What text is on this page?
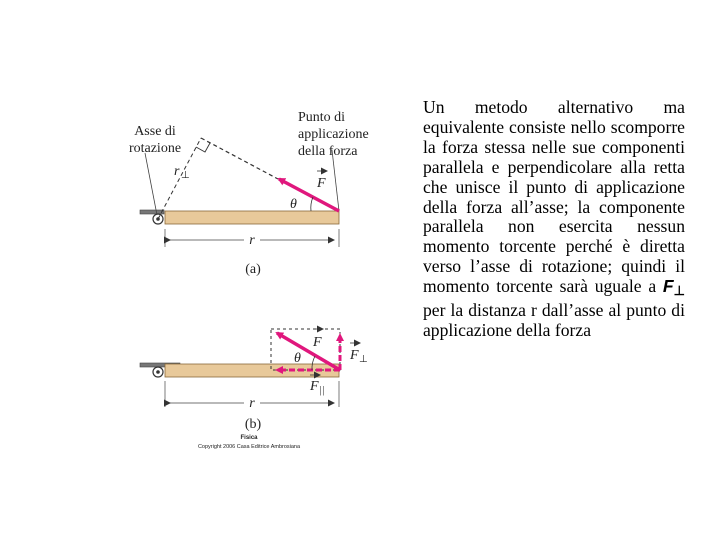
Asse di
rotazione
Punto di
applicazione
della forza
r ⊥
F
θ
r
(a)
F
θ	F ⊥
F ||
r
(b)
Fisica
Copyright 2006 Casa Editrice Ambrosiana
Un metodo alternativo ma equivalente consiste nello scomporre la forza stessa nelle sue componenti parallela e perpendicolare alla retta che unisce il punto di applicazione della forza all’asse; la componente parallela non esercita nessun momento torcente perché è diretta verso l’asse di rotazione; quindi il momento torcente sarà uguale a F⊥ per la distanza r dall’asse al punto di applicazione della forza
